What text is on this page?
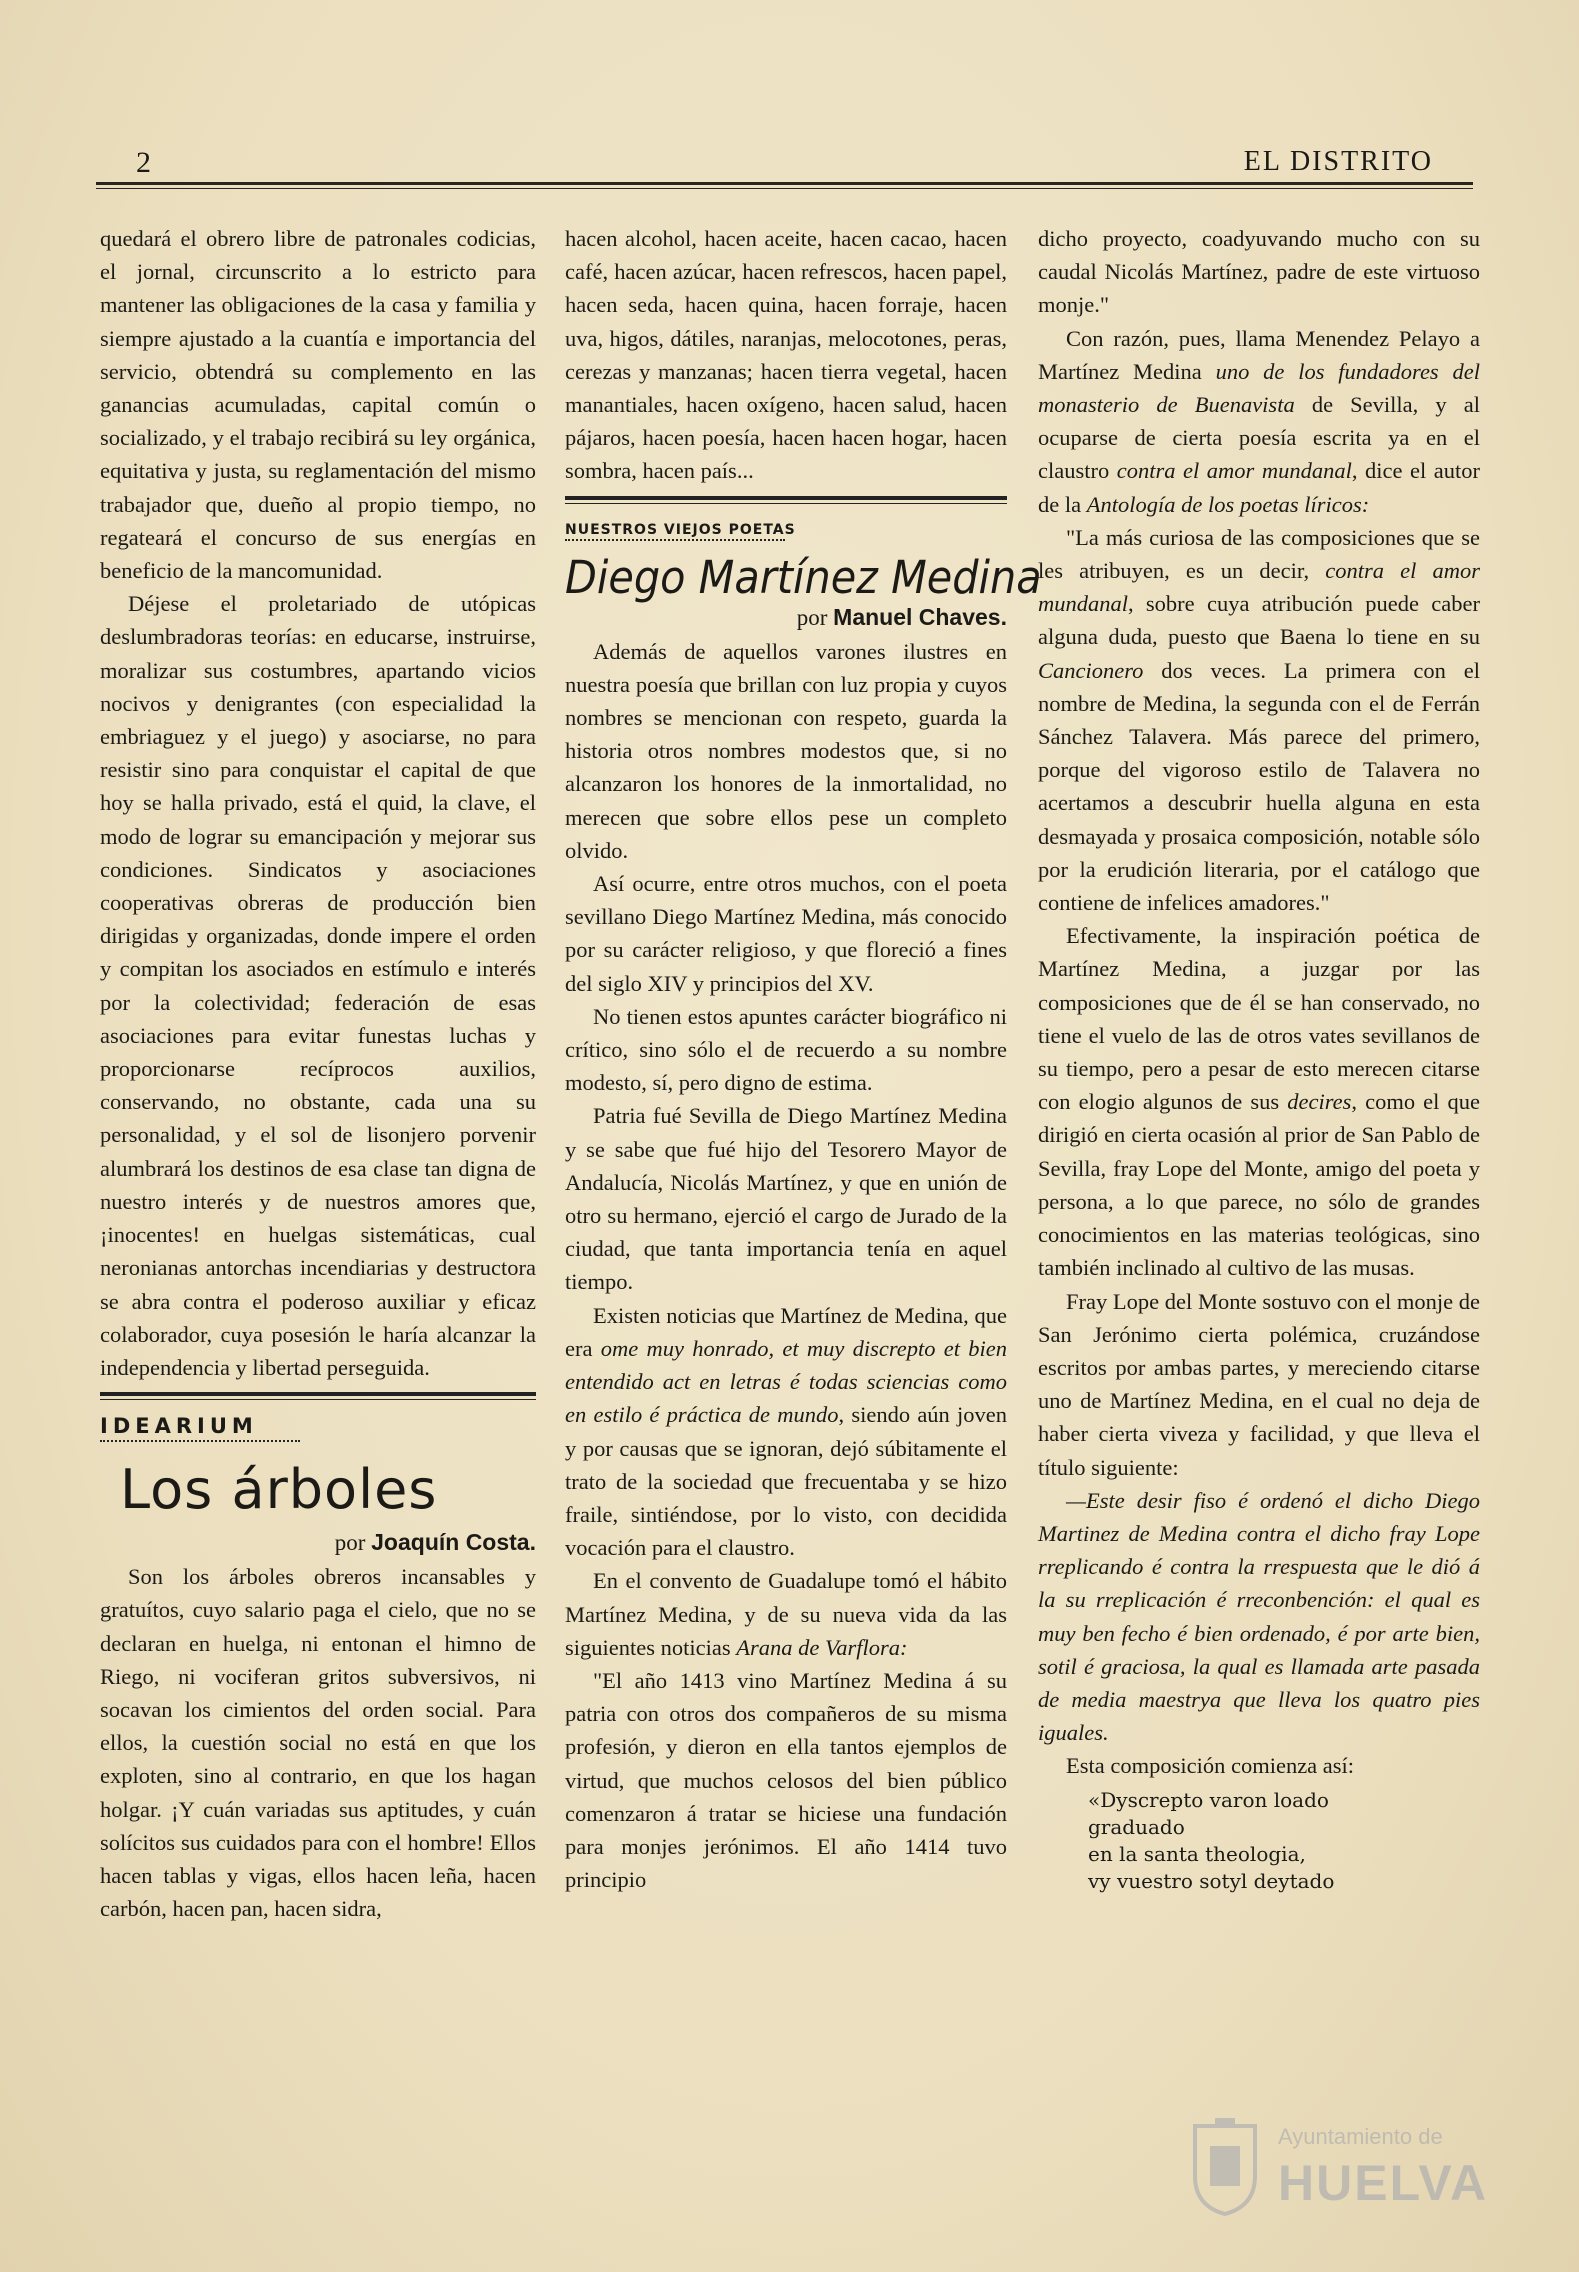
2	EL DISTRITO

quedará el obrero libre de patronales codicias, el jornal, circunscrito a lo estricto para mantener las obligaciones de la casa y familia y siempre ajustado a la cuantía e importancia del servicio, obtendrá su complemento en las ganancias acumuladas, capital común o socializado, y el trabajo recibirá su ley orgánica, equitativa y justa, su reglamentación del mismo trabajador que, dueño al propio tiempo, no regateará el concurso de sus energías en beneficio de la mancomunidad.

Déjese el proletariado de utópicas deslumbradoras teorías: en educarse, instruirse, moralizar sus costumbres, apartando vicios nocivos y denigrantes (con especialidad la embriaguez y el juego) y asociarse, no para resistir sino para conquistar el capital de que hoy se halla privado, está el quid, la clave, el modo de lograr su emancipación y mejorar sus condiciones. Sindicatos y asociaciones cooperativas obreras de producción bien dirigidas y organizadas, donde impere el orden y compitan los asociados en estímulo e interés por la colectividad; federación de esas asociaciones para evitar funestas luchas y proporcionarse recíprocos auxilios, conservando, no obstante, cada una su personalidad, y el sol de lisonjero porvenir alumbrará los destinos de esa clase tan digna de nuestro interés y de nuestros amores que, ¡inocentes! en huelgas sistemáticas, cual neronianas antorchas incendiarias y destructora se abra contra el poderoso auxiliar y eficaz colaborador, cuya posesión le haría alcanzar la independencia y libertad perseguida.

IDEARIUM
Los árboles
por Joaquín Costa.

Son los árboles obreros incansables y gratuítos, cuyo salario paga el cielo, que no se declaran en huelga, ni entonan el himno de Riego, ni vociferan gritos subversivos, ni socavan los cimientos del orden social. Para ellos, la cuestión social no está en que los exploten, sino al contrario, en que los hagan holgar. ¡Y cuán variadas sus aptitudes, y cuán solícitos sus cuidados para con el hombre! Ellos hacen tablas y vigas, ellos hacen leña, hacen carbón, hacen pan, hacen sidra,

hacen alcohol, hacen aceite, hacen cacao, hacen café, hacen azúcar, hacen refrescos, hacen papel, hacen seda, hacen quina, hacen forraje, hacen uva, higos, dátiles, naranjas, melocotones, peras, cerezas y manzanas; hacen tierra vegetal, hacen manantiales, hacen oxígeno, hacen salud, hacen pájaros, hacen poesía, hacen hacen hogar, hacen sombra, hacen país...

NUESTROS VIEJOS POETAS
Diego Martínez Medina
por Manuel Chaves.

Además de aquellos varones ilustres en nuestra poesía que brillan con luz propia y cuyos nombres se mencionan con respeto, guarda la historia otros nombres modestos que, si no alcanzaron los honores de la inmortalidad, no merecen que sobre ellos pese un completo olvido.

Así ocurre, entre otros muchos, con el poeta sevillano Diego Martínez Medina, más conocido por su carácter religioso, y que floreció a fines del siglo XIV y principios del XV.

No tienen estos apuntes carácter biográfico ni crítico, sino sólo el de recuerdo a su nombre modesto, sí, pero digno de estima.

Patria fué Sevilla de Diego Martínez Medina y se sabe que fué hijo del Tesorero Mayor de Andalucía, Nicolás Martínez, y que en unión de otro su hermano, ejerció el cargo de Jurado de la ciudad, que tanta importancia tenía en aquel tiempo.

Existen noticias que Martínez de Medina, que era ome muy honrado, et muy discrepto et bien entendido act en letras é todas sciencias como en estilo é práctica de mundo, siendo aún joven y por causas que se ignoran, dejó súbitamente el trato de la sociedad que frecuentaba y se hizo fraile, sintiéndose, por lo visto, con decidida vocación para el claustro.

En el convento de Guadalupe tomó el hábito Martínez Medina, y de su nueva vida da las siguientes noticias Arana de Varflora:

"El año 1413 vino Martínez Medina á su patria con otros dos compañeros de su misma profesión, y dieron en ella tantos ejemplos de virtud, que muchos celosos del bien público comenzaron á tratar se hiciese una fundación para monjes jerónimos. El año 1414 tuvo principio

dicho proyecto, coadyuvando mucho con su caudal Nicolás Martínez, padre de este virtuoso monje."

Con razón, pues, llama Menendez Pelayo a Martínez Medina uno de los fundadores del monasterio de Buenavista de Sevilla, y al ocuparse de cierta poesía escrita ya en el claustro contra el amor mundanal, dice el autor de la Antología de los poetas líricos:

"La más curiosa de las composiciones que se les atribuyen, es un decir, contra el amor mundanal, sobre cuya atribución puede caber alguna duda, puesto que Baena lo tiene en su Cancionero dos veces. La primera con el nombre de Medina, la segunda con el de Ferrán Sánchez Talavera. Más parece del primero, porque del vigoroso estilo de Talavera no acertamos a descubrir huella alguna en esta desmayada y prosaica composición, notable sólo por la erudición literaria, por el catálogo que contiene de infelices amadores."

Efectivamente, la inspiración poética de Martínez Medina, a juzgar por las composiciones que de él se han conservado, no tiene el vuelo de las de otros vates sevillanos de su tiempo, pero a pesar de esto merecen citarse con elogio algunos de sus decires, como el que dirigió en cierta ocasión al prior de San Pablo de Sevilla, fray Lope del Monte, amigo del poeta y persona, a lo que parece, no sólo de grandes conocimientos en las materias teológicas, sino también inclinado al cultivo de las musas.

Fray Lope del Monte sostuvo con el monje de San Jerónimo cierta polémica, cruzándose escritos por ambas partes, y mereciendo citarse uno de Martínez Medina, en el cual no deja de haber cierta viveza y facilidad, y que lleva el título siguiente:

—Este desir fiso é ordenó el dicho Diego Martinez de Medina contra el dicho fray Lope rreplicando é contra la rrespuesta que le dió á la su rreplicación é rreconbención: el qual es muy ben fecho é bien ordenado, é por arte bien, sotil é graciosa, la qual es llamada arte pasada de media maestrya que lleva los quatro pies iguales.

Esta composición comienza así:

«Dyscrepto varon loado
graduado
en la santa theologia,
vy vuestro sotyl deytado
Ayuntamiento de
HUELVA
